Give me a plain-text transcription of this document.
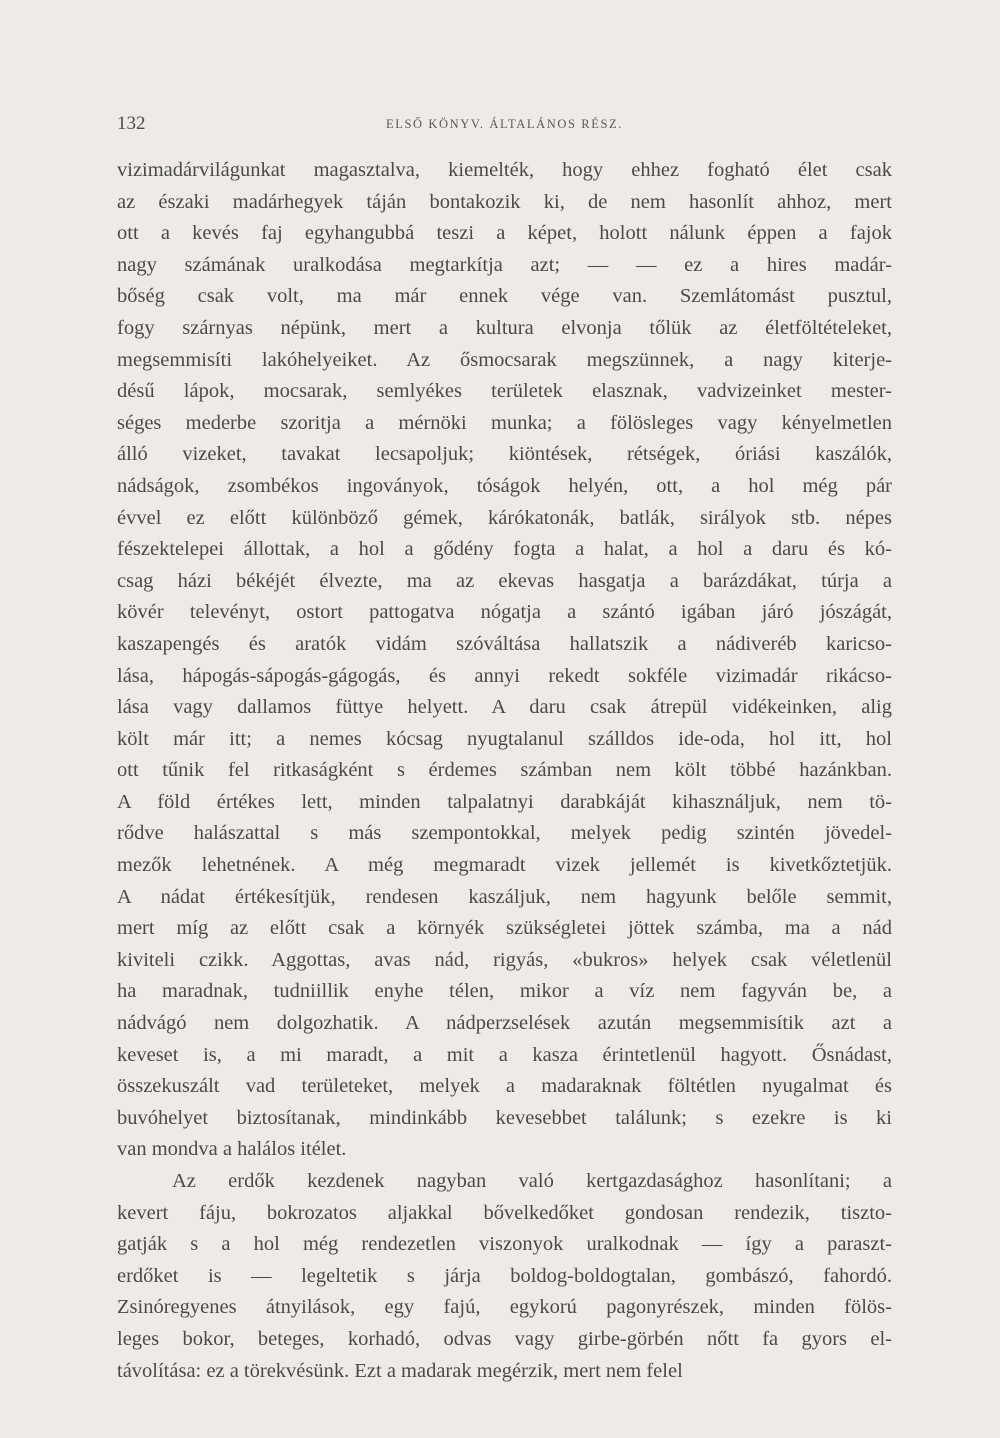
132	ELSŐ KÖNYV. ÁLTALÁNOS RÉSZ.
vizimadárvilágunkat magasztalva, kiemelték, hogy ehhez fogható élet csak
az északi madárhegyek táján bontakozik ki, de nem hasonlít ahhoz, mert
ott a kevés faj egyhangubbá teszi a képet, holott nálunk éppen a fajok
nagy számának uralkodása megtarkítja azt; — — ez a hires madár-
bőség csak volt, ma már ennek vége van. Szemlátomást pusztul,
fogy szárnyas népünk, mert a kultura elvonja tőlük az életföltételeket,
megsemmisíti lakóhelyeiket. Az ősmocsarak megszünnek, a nagy kiterje-
désű lápok, mocsarak, semlyékes területek elasznak, vadvizeinket mester-
séges mederbe szoritja a mérnöki munka; a fölösleges vagy kényelmetlen
álló vizeket, tavakat lecsapoljuk; kiöntések, rétségek, óriási kaszálók,
nádságok, zsombékos ingoványok, tóságok helyén, ott, a hol még pár
évvel ez előtt különböző gémek, kárókatonák, batlák, sirályok stb. népes
fészektelepei állottak, a hol a gődény fogta a halat, a hol a daru és kó-
csag házi békéjét élvezte, ma az ekevas hasgatja a barázdákat, túrja a
kövér televényt, ostort pattogatva nógatja a szántó igában járó jószágát,
kaszapengés és aratók vidám szóváltása hallatszik a nádiveréb karicso-
lása, hápogás-sápogás-gágogás, és annyi rekedt sokféle vizimadár rikácso-
lása vagy dallamos füttye helyett. A daru csak átrepül vidékeinken, alig
költ már itt; a nemes kócsag nyugtalanul szálldos ide-oda, hol itt, hol
ott tűnik fel ritkaságként s érdemes számban nem költ többé hazánkban.
A föld értékes lett, minden talpalatnyi darabkáját kihasználjuk, nem tö-
rődve halászattal s más szempontokkal, melyek pedig szintén jövedel-
mezők lehetnének. A még megmaradt vizek jellemét is kivetkőztetjük.
A nádat értékesítjük, rendesen kaszáljuk, nem hagyunk belőle semmit,
mert míg az előtt csak a környék szükségletei jöttek számba, ma a nád
kiviteli czikk. Aggottas, avas nád, rigyás, «bukros» helyek csak véletlenül
ha maradnak, tudniillik enyhe télen, mikor a víz nem fagyván be, a
nádvágó nem dolgozhatik. A nádperzselések azután megsemmisítik azt a
keveset is, a mi maradt, a mit a kasza érintetlenül hagyott. Ősnádast,
összekuszált vad területeket, melyek a madaraknak föltétlen nyugalmat és
buvóhelyet biztosítanak, mindinkább kevesebbet találunk; s ezekre is ki
van mondva a halálos itélet.
Az erdők kezdenek nagyban való kertgazdasághoz hasonlítani; a
kevert fáju, bokrozatos aljakkal bővelkedőket gondosan rendezik, tiszto-
gatják s a hol még rendezetlen viszonyok uralkodnak — így a paraszt-
erdőket is — legeltetik s járja boldog-boldogtalan, gombászó, fahordó.
Zsinóregyenes átnyilások, egy fajú, egykorú pagonyrészek, minden fölös-
leges bokor, beteges, korhadó, odvas vagy girbe-görbén nőtt fa gyors el-
távolítása: ez a törekvésünk. Ezt a madarak megérzik, mert nem felel
